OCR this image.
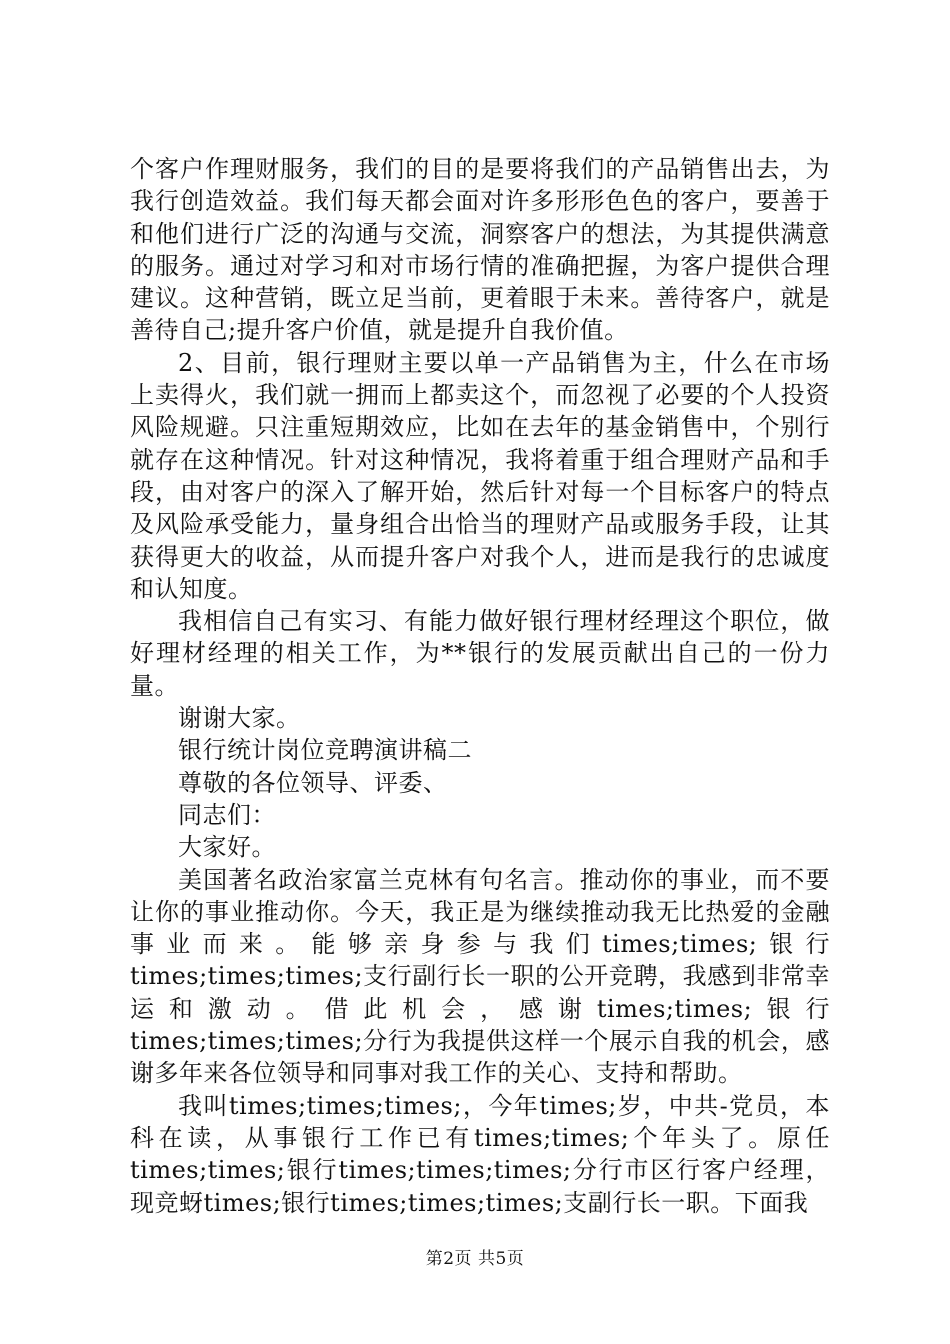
个客户作理财服务，我们的目的是要将我们的产品销售出去，为我行创造效益。我们每天都会面对许多形形色色的客户，要善于和他们进行广泛的沟通与交流，洞察客户的想法，为其提供满意的服务。通过对学习和对市场行情的准确把握，为客户提供合理建议。这种营销，既立足当前，更着眼于未来。善待客户，就是善待自己;提升客户价值，就是提升自我价值。

2、目前，银行理财主要以单一产品销售为主，什么在市场上卖得火，我们就一拥而上都卖这个，而忽视了必要的个人投资风险规避。只注重短期效应，比如在去年的基金销售中，个别行就存在这种情况。针对这种情况，我将着重于组合理财产品和手段，由对客户的深入了解开始，然后针对每一个目标客户的特点及风险承受能力，量身组合出恰当的理财产品或服务手段，让其获得更大的收益，从而提升客户对我个人，进而是我行的忠诚度和认知度。

我相信自己有实习、有能力做好银行理材经理这个职位，做好理材经理的相关工作，为**银行的发展贡献出自己的一份力量。

谢谢大家。

银行统计岗位竞聘演讲稿二

尊敬的各位领导、评委、

同志们：

大家好。

美国著名政治家富兰克林有句名言。推动你的事业，而不要让你的事业推动你。今天，我正是为继续推动我无比热爱的金融事业而来。能够亲身参与我们times;times;银行times;times;times;支行副行长一职的公开竞聘，我感到非常幸运和激动。借此机会，感谢times;times;银行times;times;times;分行为我提供这样一个展示自我的机会，感谢多年来各位领导和同事对我工作的关心、支持和帮助。

我叫times;times;times;，今年times;岁，中共-党员，本科在读，从事银行工作已有times;times;个年头了。原任times;times;银行times;times;times;分行市区行客户经理，现竞蚜times;银行times;times;times;支副行长一职。下面我

第2页 共5页
